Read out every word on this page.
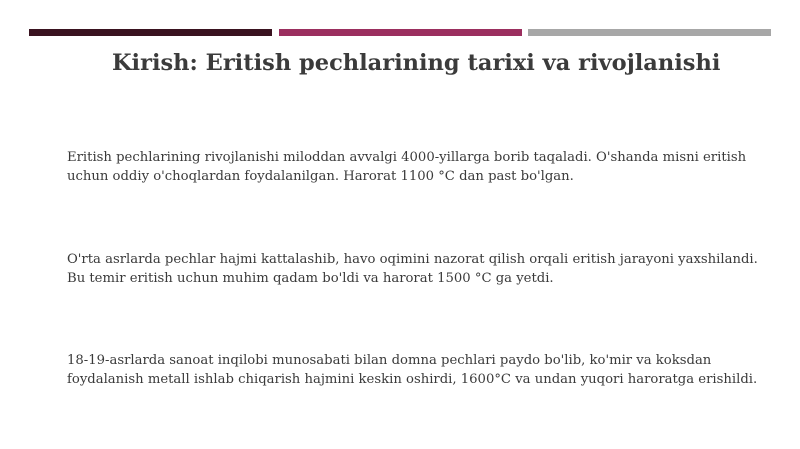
Kirish: Eritish pechlarining tarixi va rivojlanishi

Eritish pechlarining rivojlanishi miloddan avvalgi 4000-yillarga borib taqaladi. O'shanda misni eritish uchun oddiy o'choqlardan foydalanilgan. Harorat 1100 °C dan past bo'lgan.

O'rta asrlarda pechlar hajmi kattalashib, havo oqimini nazorat qilish orqali eritish jarayoni yaxshilandi. Bu temir eritish uchun muhim qadam bo'ldi va harorat 1500 °C ga yetdi.

18-19-asrlarda sanoat inqilobi munosabati bilan domna pechlari paydo bo'lib, ko'mir va koksdan foydalanish metall ishlab chiqarish hajmini keskin oshirdi, 1600°C va undan yuqori haroratga erishildi.
